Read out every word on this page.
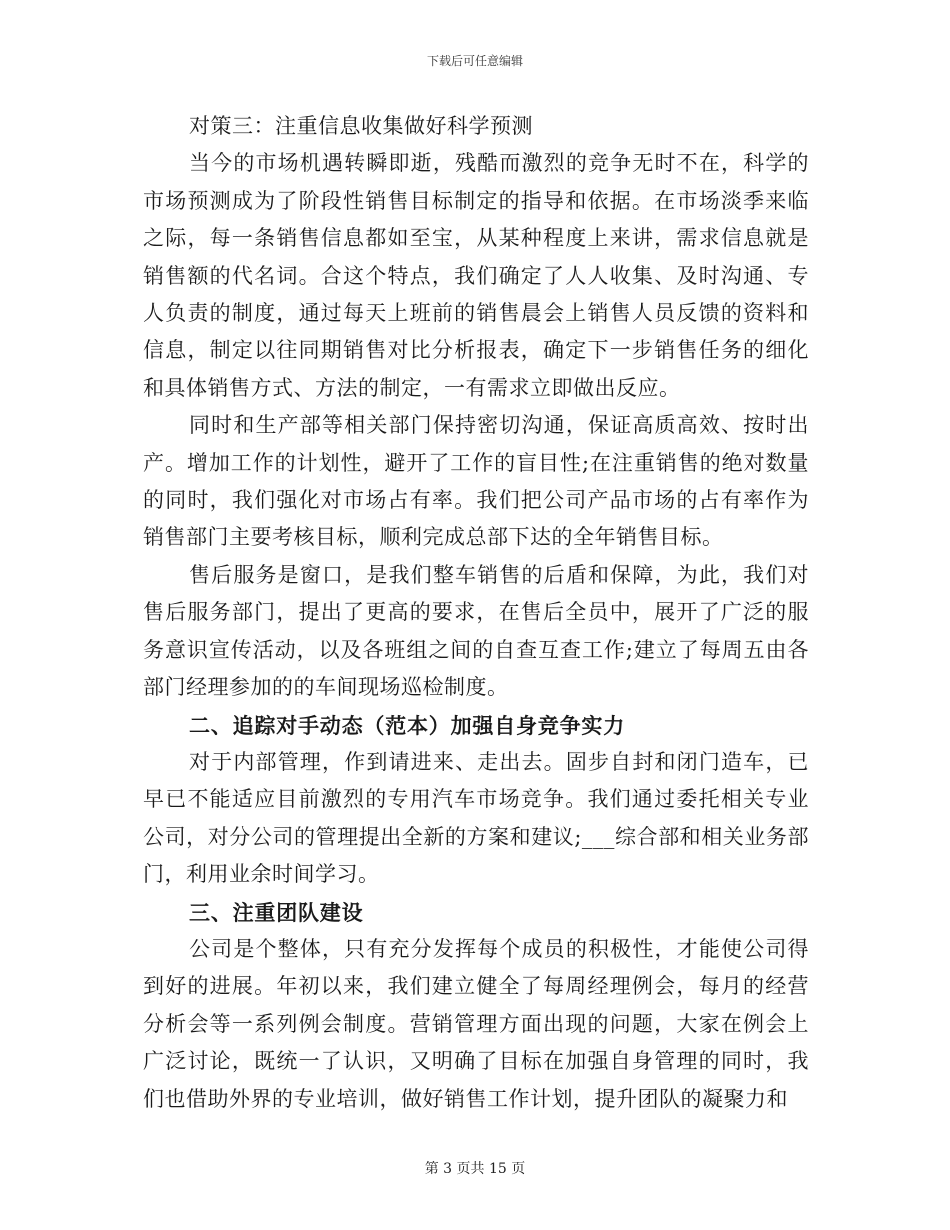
下载后可任意编辑

对策三：注重信息收集做好科学预测

当今的市场机遇转瞬即逝，残酷而激烈的竞争无时不在，科学的市场预测成为了阶段性销售目标制定的指导和依据。在市场淡季来临之际，每一条销售信息都如至宝，从某种程度上来讲，需求信息就是销售额的代名词。合这个特点，我们确定了人人收集、及时沟通、专人负责的制度，通过每天上班前的销售晨会上销售人员反馈的资料和信息，制定以往同期销售对比分析报表，确定下一步销售任务的细化和具体销售方式、方法的制定，一有需求立即做出反应。

同时和生产部等相关部门保持密切沟通，保证高质高效、按时出产。增加工作的计划性，避开了工作的盲目性;在注重销售的绝对数量的同时，我们强化对市场占有率。我们把公司产品市场的占有率作为销售部门主要考核目标，顺利完成总部下达的全年销售目标。

售后服务是窗口，是我们整车销售的后盾和保障，为此，我们对售后服务部门，提出了更高的要求，在售后全员中，展开了广泛的服务意识宣传活动，以及各班组之间的自查互查工作;建立了每周五由各部门经理参加的的车间现场巡检制度。

二、追踪对手动态（范本）加强自身竞争实力

对于内部管理，作到请进来、走出去。固步自封和闭门造车，已早已不能适应目前激烈的专用汽车市场竞争。我们通过委托相关专业公司，对分公司的管理提出全新的方案和建议;___综合部和相关业务部门，利用业余时间学习。

三、注重团队建设

公司是个整体，只有充分发挥每个成员的积极性，才能使公司得到好的进展。年初以来，我们建立健全了每周经理例会，每月的经营分析会等一系列例会制度。营销管理方面出现的问题，大家在例会上广泛讨论，既统一了认识，又明确了目标在加强自身管理的同时，我们也借助外界的专业培训，做好销售工作计划，提升团队的凝聚力和

第 3 页共 15 页
